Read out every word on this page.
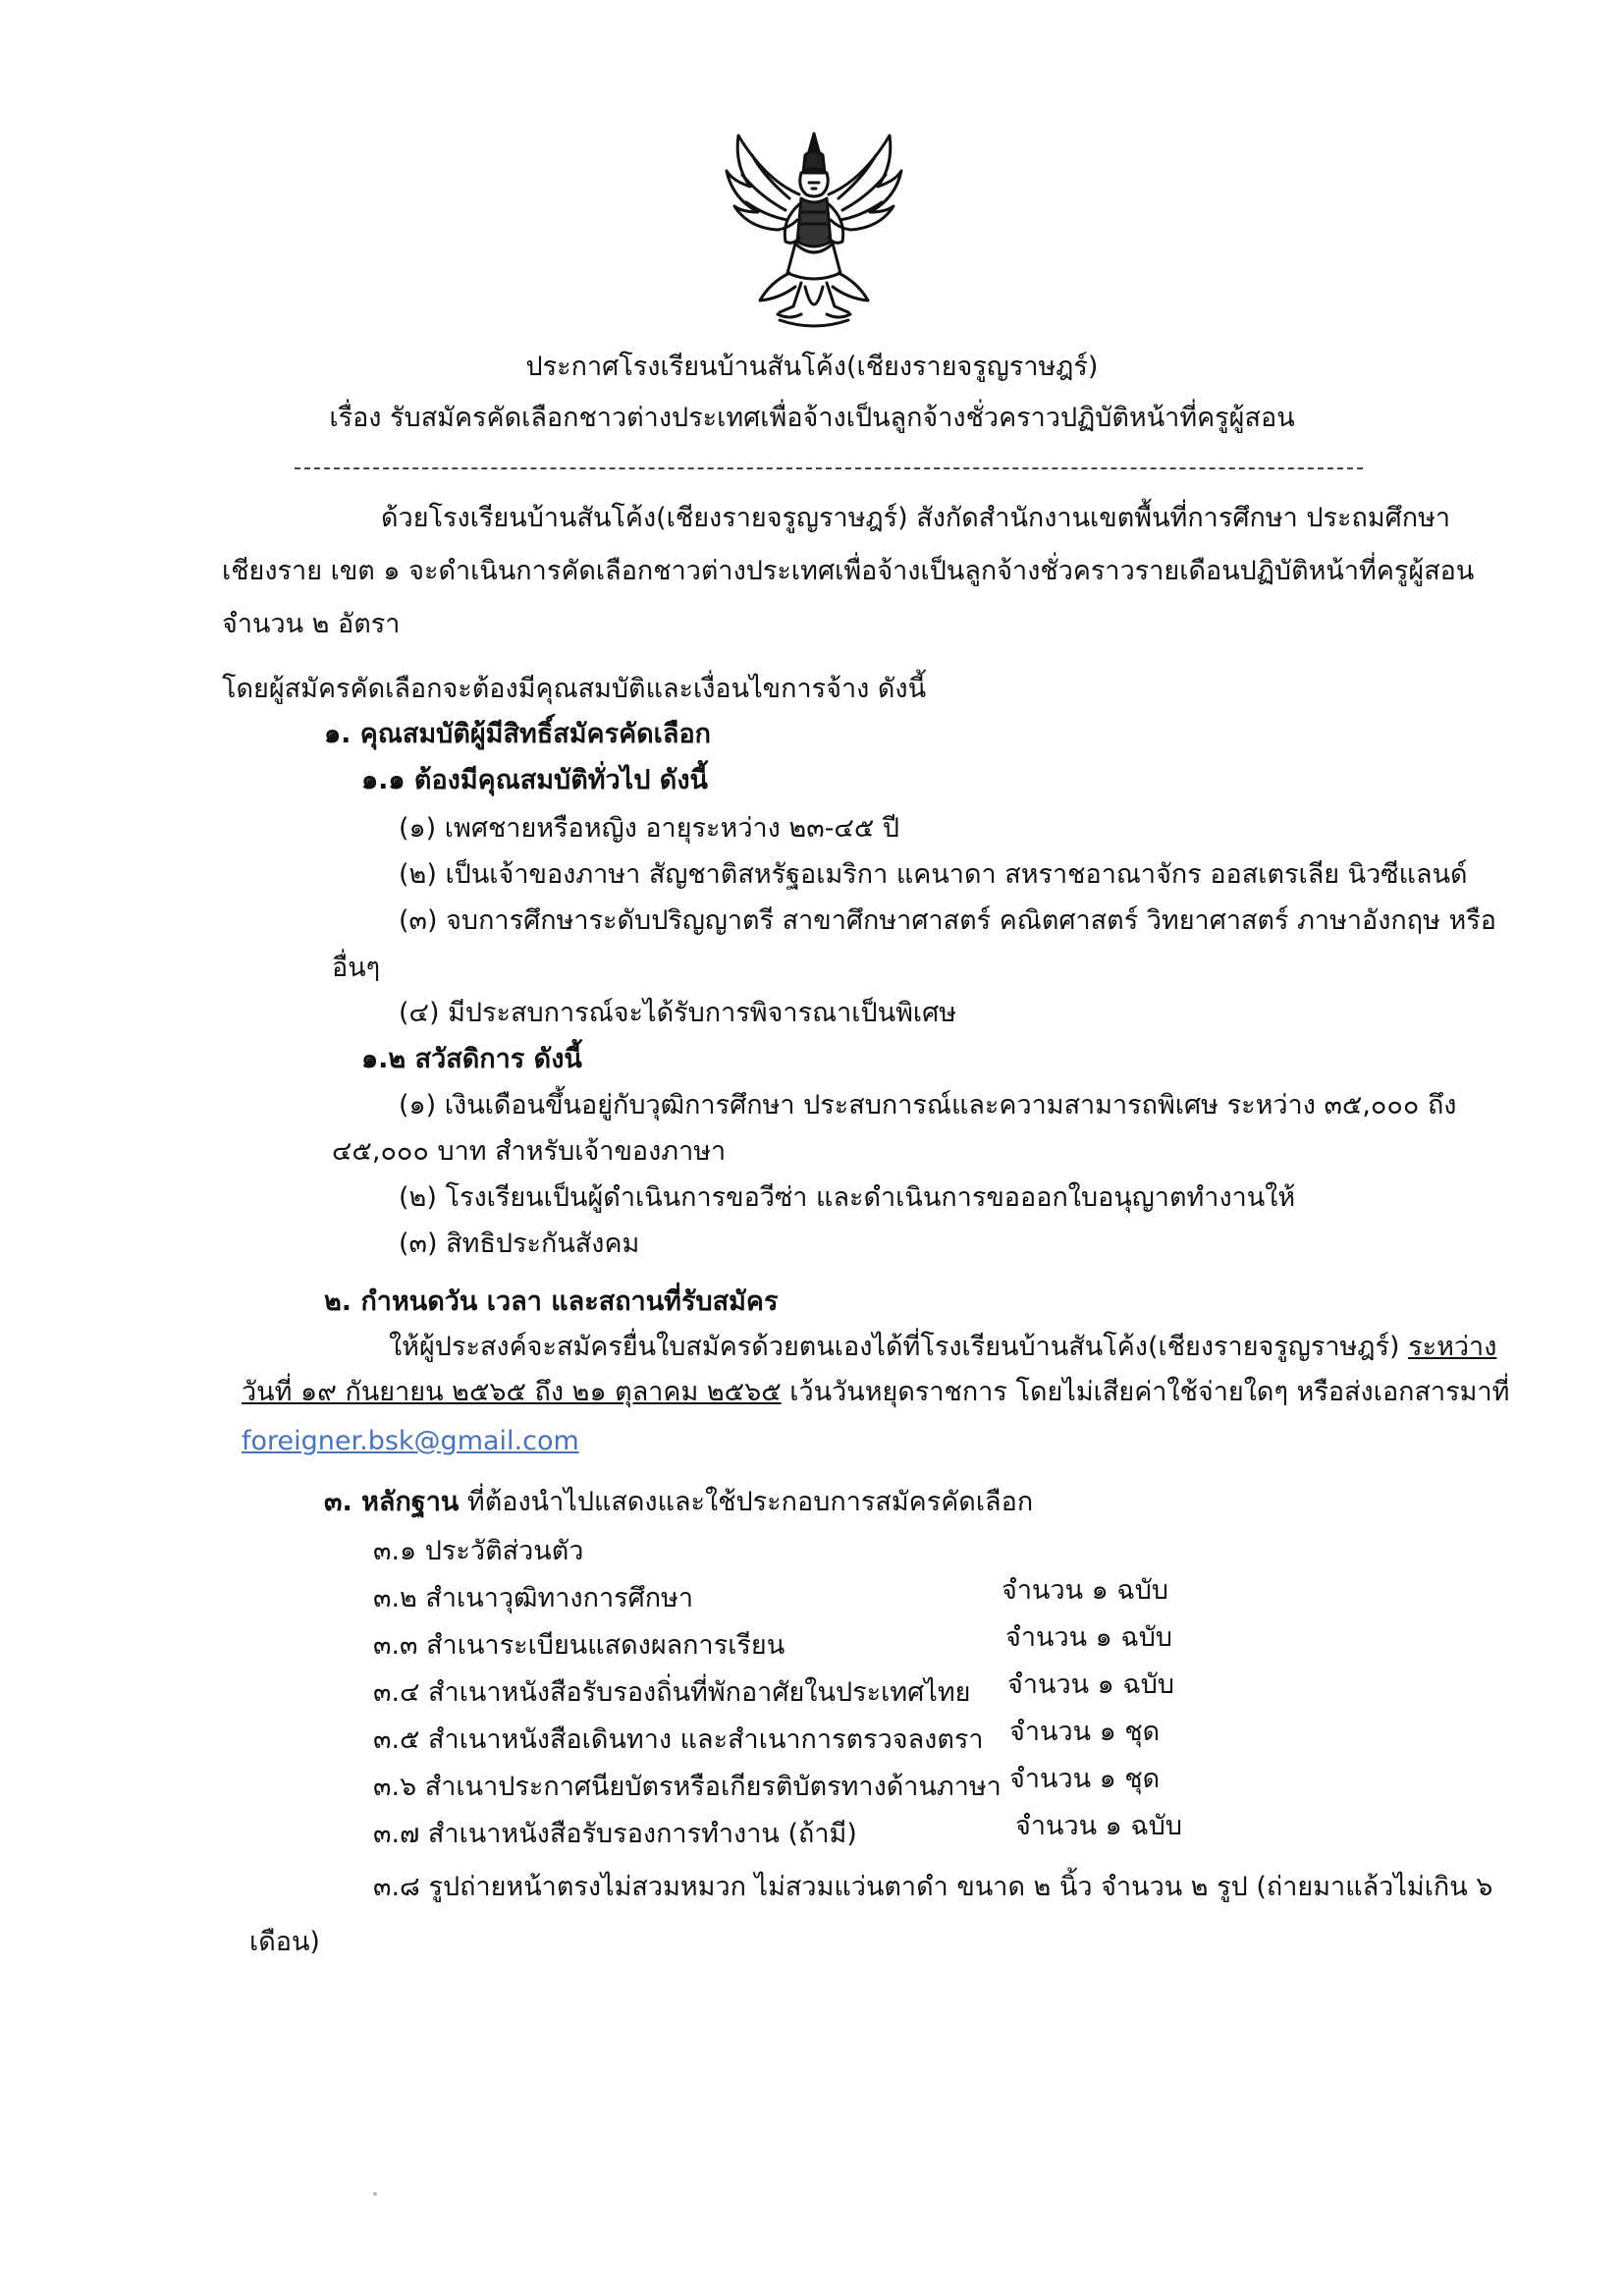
ประกาศโรงเรียนบ้านสันโค้ง(เชียงรายจรูญราษฎร์)

เรื่อง รับสมัครคัดเลือกชาวต่างประเทศเพื่อจ้างเป็นลูกจ้างชั่วคราวปฏิบัติหน้าที่ครูผู้สอน

ด้วยโรงเรียนบ้านสันโค้ง(เชียงรายจรูญราษฎร์) สังกัดสำนักงานเขตพื้นที่การศึกษา ประถมศึกษา

เชียงราย เขต ๑ จะดำเนินการคัดเลือกชาวต่างประเทศเพื่อจ้างเป็นลูกจ้างชั่วคราวรายเดือนปฏิบัติหน้าที่ครูผู้สอน

จำนวน ๒ อัตรา

โดยผู้สมัครคัดเลือกจะต้องมีคุณสมบัติและเงื่อนไขการจ้าง ดังนี้

๑. คุณสมบัติผู้มีสิทธิ์สมัครคัดเลือก

๑.๑ ต้องมีคุณสมบัติทั่วไป ดังนี้

(๑) เพศชายหรือหญิง อายุระหว่าง ๒๓-๔๕ ปี

(๒) เป็นเจ้าของภาษา สัญชาติสหรัฐอเมริกา แคนาดา สหราชอาณาจักร ออสเตรเลีย นิวซีแลนด์

(๓) จบการศึกษาระดับปริญญาตรี สาขาศึกษาศาสตร์ คณิตศาสตร์ วิทยาศาสตร์ ภาษาอังกฤษ หรือ

อื่นๆ

(๔) มีประสบการณ์จะได้รับการพิจารณาเป็นพิเศษ

๑.๒ สวัสดิการ ดังนี้

(๑) เงินเดือนขึ้นอยู่กับวุฒิการศึกษา ประสบการณ์และความสามารถพิเศษ ระหว่าง ๓๕,๐๐๐ ถึง

๔๕,๐๐๐ บาท สำหรับเจ้าของภาษา

(๒) โรงเรียนเป็นผู้ดำเนินการขอวีซ่า และดำเนินการขอออกใบอนุญาตทำงานให้

(๓) สิทธิประกันสังคม

๒. กำหนดวัน เวลา และสถานที่รับสมัคร

ให้ผู้ประสงค์จะสมัครยื่นใบสมัครด้วยตนเองได้ที่โรงเรียนบ้านสันโค้ง(เชียงรายจรูญราษฎร์) ระหว่าง

วันที่ ๑๙ กันยายน ๒๕๖๕ ถึง ๒๑ ตุลาคม ๒๕๖๕ เว้นวันหยุดราชการ โดยไม่เสียค่าใช้จ่ายใดๆ หรือส่งเอกสารมาที่

foreigner.bsk@gmail.com

๓. หลักฐาน ที่ต้องนำไปแสดงและใช้ประกอบการสมัครคัดเลือก

๓.๑ ประวัติส่วนตัว

๓.๒ สำเนาวุฒิทางการศึกษา	จำนวน ๑ ฉบับ

๓.๓ สำเนาระเบียนแสดงผลการเรียน	จำนวน ๑ ฉบับ

๓.๔ สำเนาหนังสือรับรองถิ่นที่พักอาศัยในประเทศไทย จำนวน ๑ ฉบับ

๓.๕ สำเนาหนังสือเดินทาง และสำเนาการตรวจลงตรา จำนวน ๑ ชุด

๓.๖ สำเนาประกาศนียบัตรหรือเกียรติบัตรทางด้านภาษา จำนวน ๑ ชุด

๓.๗ สำเนาหนังสือรับรองการทำงาน (ถ้ามี)	จำนวน ๑ ฉบับ

๓.๘ รูปถ่ายหน้าตรงไม่สวมหมวก ไม่สวมแว่นตาดำ ขนาด ๒ นิ้ว จำนวน ๒ รูป (ถ่ายมาแล้วไม่เกิน ๖

เดือน)
